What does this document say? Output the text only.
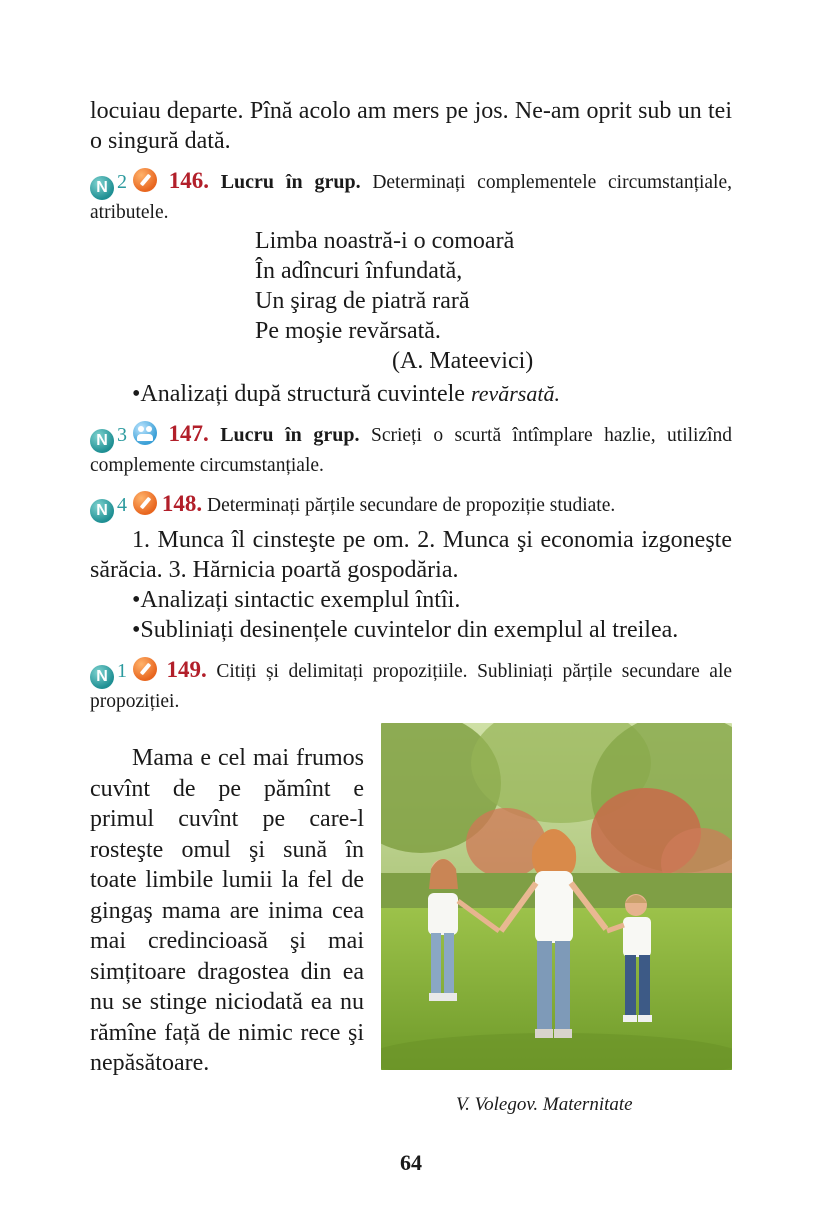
locuiau departe. Pînă acolo am mers pe jos. Ne-am oprit sub un tei o singură dată.

N 2 146. Lucru în grup. Determinați complementele circumstanțiale, atributele.

Limba noastră-i o comoară
În adîncuri înfundată,
Un şirag de piatră rară
Pe moşie revărsată.
(A. Mateevici)

•Analizați după structură cuvintele revărsată.

N 3 147. Lucru în grup. Scrieți o scurtă întîmplare hazlie, utilizînd complemente circumstanțiale.

N 4 148. Determinați părțile secundare de propoziție studiate.

1. Munca îl cinsteşte pe om. 2. Munca şi economia izgoneşte sărăcia. 3. Hărnicia poartă gospodăria.

•Analizați sintactic exemplul întîi.

•Subliniați desinențele cuvintelor din exemplul al treilea.

N 1 149. Citiți și delimitați propozițiile. Subliniați părțile secundare ale propoziției.

Mama e cel mai frumos cuvînt de pe pămînt e primul cuvînt pe care-l rosteşte omul şi sună în toate limbile lumii la fel de gingaş mama are inima cea mai credincioasă şi mai simțitoare dragostea din ea nu se stinge niciodată ea nu rămîne față de nimic rece şi nepăsătoare.

V. Volegov. Maternitate
64
